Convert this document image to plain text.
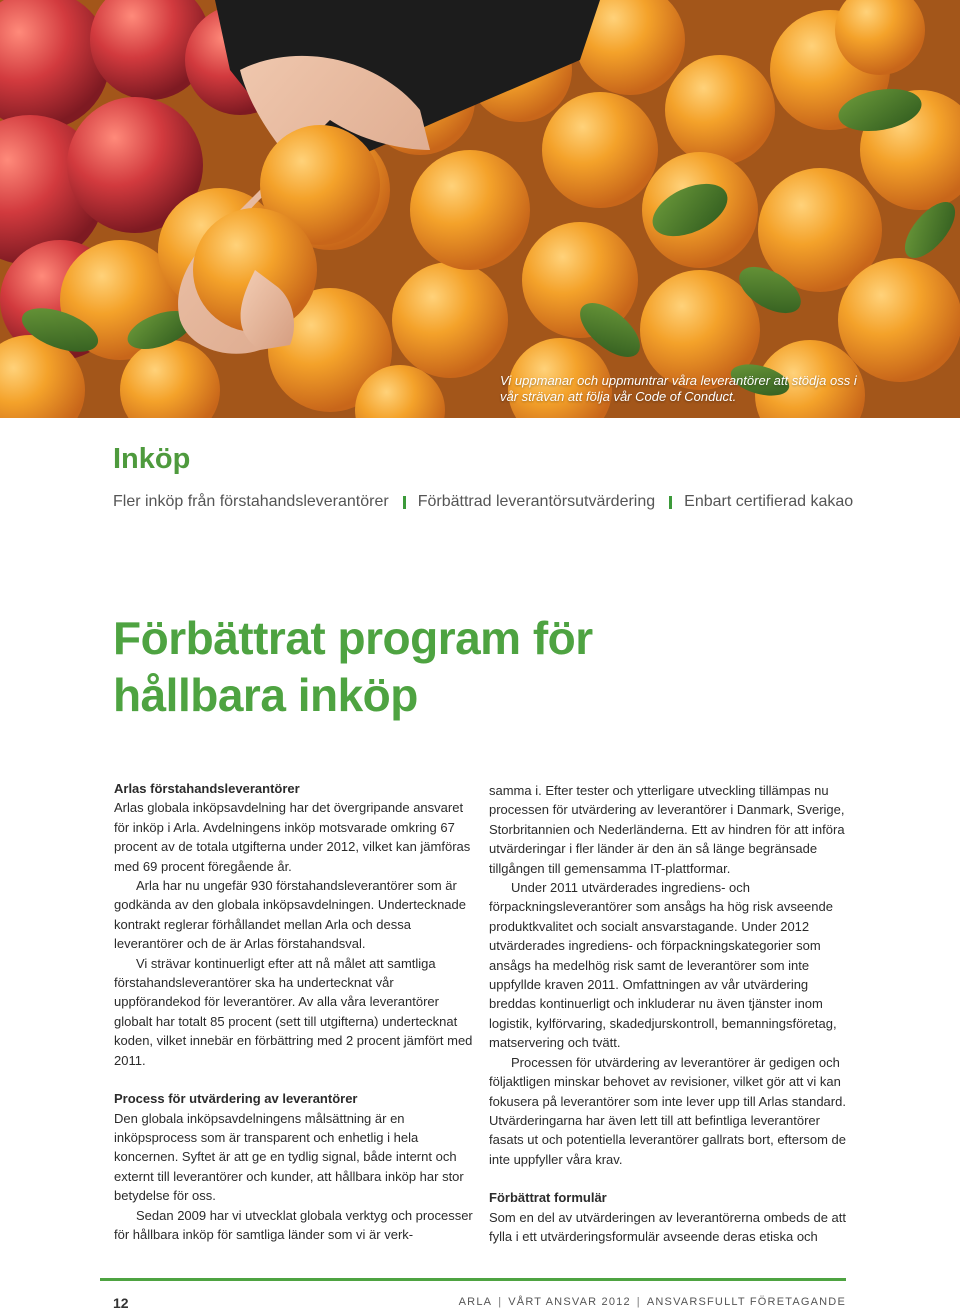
Vi uppmanar och uppmuntrar våra leverantörer att stödja oss i vår strävan att följa vår Code of Conduct.
Inköp
Fler inköp från förstahandsleverantörer Förbättrad leverantörsutvärdering Enbart certifierad kakao
Förbättrat program för
hållbara inköp

Arlas förstahandsleverantörer

Arlas globala inköpsavdelning har det övergripande ansvaret för inköp i Arla. Avdelningens inköp motsvarade omkring 67 procent av de totala utgifterna under 2012, vilket kan jämföras med 69 procent föregående år.

Arla har nu ungefär 930 förstahandsleverantörer som är godkända av den globala inköpsavdelningen. Undertecknade kontrakt reglerar förhållandet mellan Arla och dessa leverantörer och de är Arlas förstahandsval.

Vi strävar kontinuerligt efter att nå målet att samtliga förstahandsleverantörer ska ha undertecknat vår uppförandekod för leverantörer. Av alla våra leverantörer globalt har totalt 85 procent (sett till utgifterna) undertecknat koden, vilket innebär en förbättring med 2 procent jämfört med 2011.

Process för utvärdering av leverantörer

Den globala inköpsavdelningens målsättning är en inköpsprocess som är transparent och enhetlig i hela koncernen. Syftet är att ge en tydlig signal, både internt och externt till leverantörer och kunder, att hållbara inköp har stor betydelse för oss.

Sedan 2009 har vi utvecklat globala verktyg och processer för hållbara inköp för samtliga länder som vi är verk-

samma i. Efter tester och ytterligare utveckling tillämpas nu processen för utvärdering av leverantörer i Danmark, Sverige, Storbritannien och Nederländerna. Ett av hindren för att införa utvärderingar i fler länder är den än så länge begränsade tillgången till gemensamma IT-plattformar.

Under 2011 utvärderades ingrediens- och förpackningsleverantörer som ansågs ha hög risk avseende produktkvalitet och socialt ansvarstagande. Under 2012 utvärderades ingrediens- och förpackningskategorier som ansågs ha medelhög risk samt de leverantörer som inte uppfyllde kraven 2011. Omfattningen av vår utvärdering breddas kontinuerligt och inkluderar nu även tjänster inom logistik, kylförvaring, skadedjurskontroll, bemanningsföretag, matservering och tvätt.

Processen för utvärdering av leverantörer är gedigen och följaktligen minskar behovet av revisioner, vilket gör att vi kan fokusera på leverantörer som inte lever upp till Arlas standard. Utvärderingarna har även lett till att befintliga leverantörer fasats ut och potentiella leverantörer gallrats bort, eftersom de inte uppfyller våra krav.

Förbättrat formulär

Som en del av utvärderingen av leverantörerna ombeds de att fylla i ett utvärderingsformulär avseende deras etiska och

12	ARLA | VÅRT ANSVAR 2012 | ANSVARSFULLT FÖRETAGANDE
